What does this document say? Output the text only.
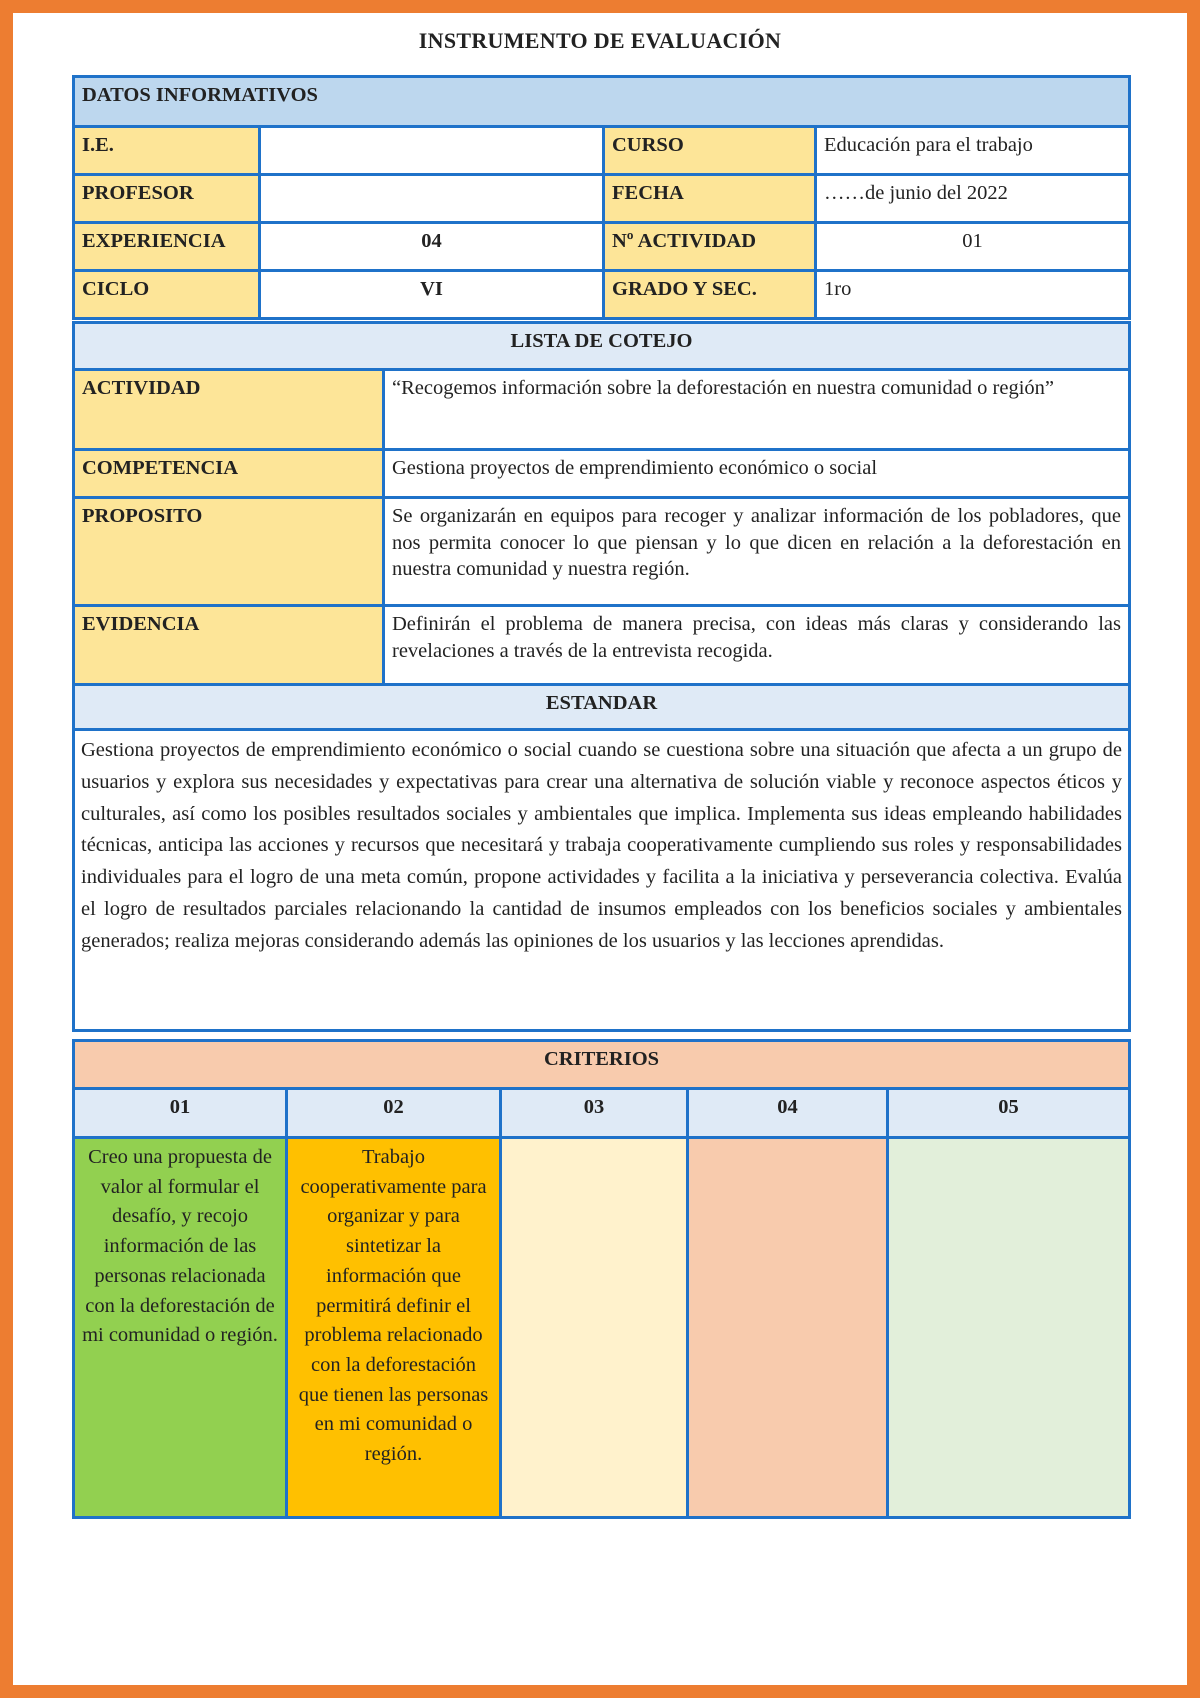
INSTRUMENTO DE EVALUACIÓN
DATOS INFORMATIVOS			
I.E.		CURSO	Educación para el trabajo
PROFESOR		FECHA	……de junio del 2022
EXPERIENCIA	04	Nº ACTIVIDAD	01
CICLO	VI	GRADO Y SEC.	1ro
LISTA DE COTEJO	
ACTIVIDAD	“Recogemos información sobre la deforestación en nuestra comunidad o región”
COMPETENCIA	Gestiona proyectos de emprendimiento económico o social
PROPOSITO	Se organizarán en equipos para recoger y analizar información de los pobladores, que nos permita conocer lo que piensan y lo que dicen en relación a la deforestación en nuestra comunidad y nuestra región.
EVIDENCIA	Definirán el problema de manera precisa, con ideas más claras y considerando las revelaciones a través de la entrevista recogida.
ESTANDAR	
Gestiona proyectos de emprendimiento económico o social cuando se cuestiona sobre una situación que afecta a un grupo de usuarios y explora sus necesidades y expectativas para crear una alternativa de solución viable y reconoce aspectos éticos y culturales, así como los posibles resultados sociales y ambientales que implica. Implementa sus ideas empleando habilidades técnicas, anticipa las acciones y recursos que necesitará y trabaja cooperativamente cumpliendo sus roles y responsabilidades individuales para el logro de una meta común, propone actividades y facilita a la iniciativa y perseverancia colectiva. Evalúa el logro de resultados parciales relacionando la cantidad de insumos empleados con los beneficios sociales y ambientales generados; realiza mejoras considerando además las opiniones de los usuarios y las lecciones aprendidas.	
CRITERIOS				
01	02	03	04	05
Creo una propuesta de valor al formular el desafío, y recojo información de las personas relacionada con la deforestación de mi comunidad o región.	Trabajo cooperativamente para organizar y para sintetizar la información que permitirá definir el problema relacionado con la deforestación que tienen las personas en mi comunidad o región.			
